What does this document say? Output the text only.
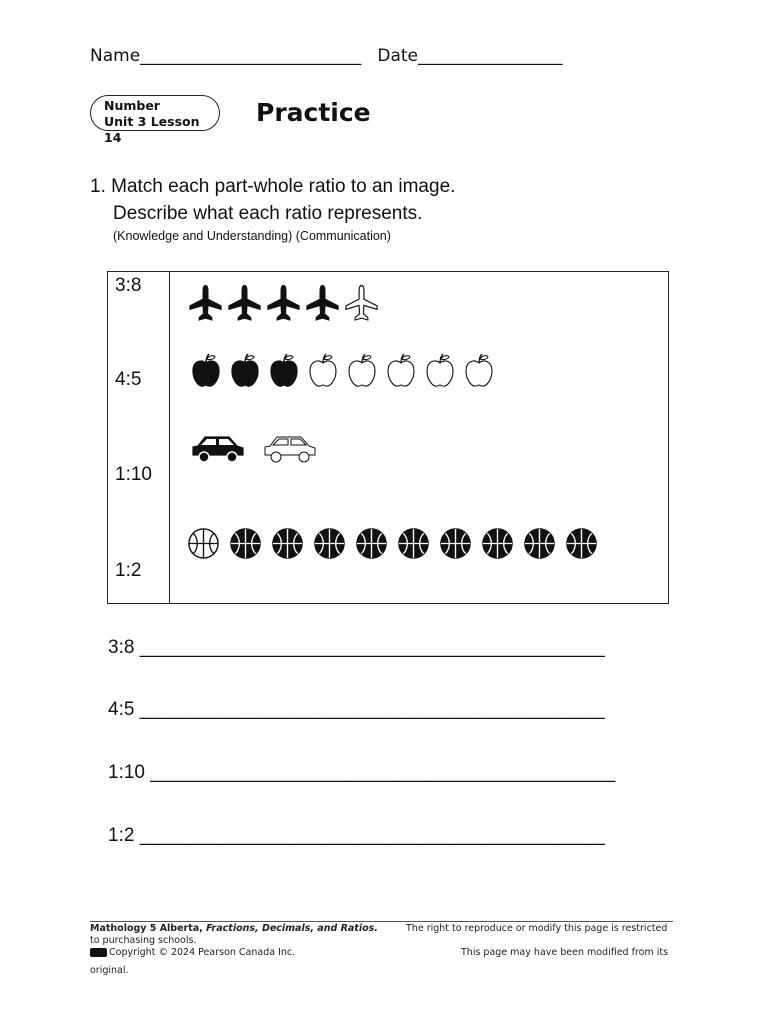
Name__________________________ Date_________________
Number
Unit 3 Lesson 14
Practice
1. Match each part-whole ratio to an image.
Describe what each ratio represents.
(Knowledge and Understanding) (Communication)
3:8
4:5
1:10
1:2
3:8 ____________________________________________
4:5 ____________________________________________
1:10 ____________________________________________
1:2 ____________________________________________
Mathology 5 Alberta, Fractions, Decimals, and Ratios.	The right to reproduce or modify this page is restricted
to purchasing schools.
Copyright © 2024 Pearson Canada Inc.	This page may have been modified from its
original.
